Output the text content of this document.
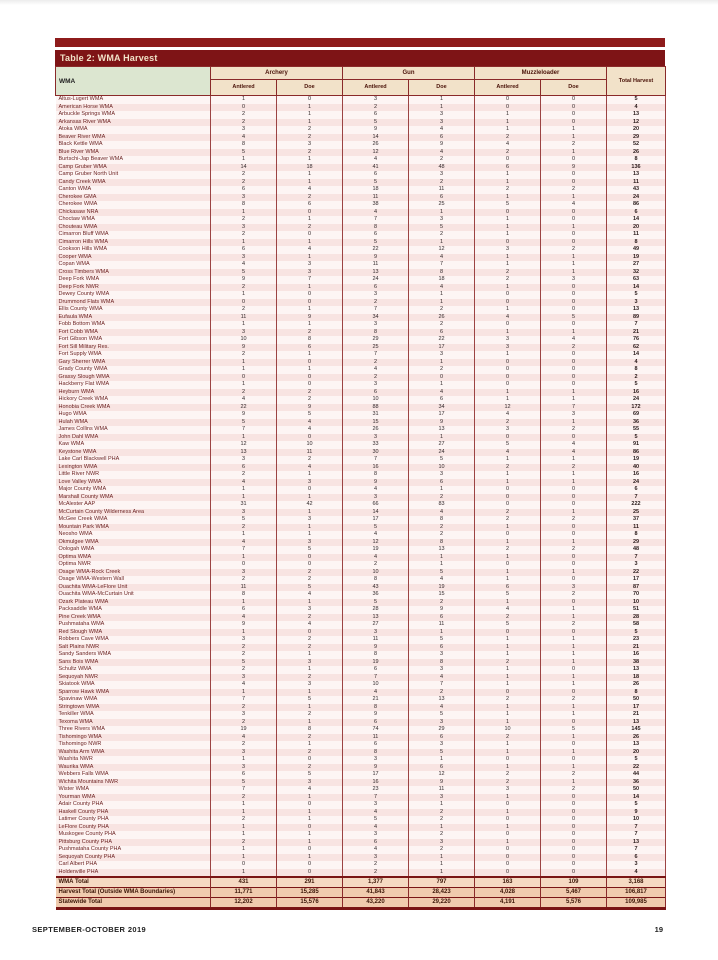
Table 2: WMA Harvest
WMA	Archery		Gun		Muzzleloader		Total Harvest
	Antlered	Doe	Antlered	Doe	Antlered	Doe	
Altus-Lugert WMA	1	0	3	1	0	0	5
American Horse WMA	0	1	2	1	0	0	4
Arbuckle Springs WMA	2	1	6	3	1	0	13
Arkansas River WMA	2	1	5	3	1	0	12
Atoka WMA	3	2	9	4	1	1	20
Beaver River WMA	4	2	14	6	2	1	29
Black Kettle WMA	8	3	26	9	4	2	52
Blue River WMA	5	2	12	4	2	1	26
Burtschi-Jap Beaver WMA	1	1	4	2	0	0	8
Camp Gruber WMA	14	18	41	48	6	9	136
Camp Gruber North Unit	2	1	6	3	1	0	13
Candy Creek WMA	2	1	5	2	1	0	11
Canton WMA	6	4	18	11	2	2	43
Cherokee GMA	3	2	11	6	1	1	24
Cherokee WMA	8	6	38	25	5	4	86
Chickasaw NRA	1	0	4	1	0	0	6
Choctaw WMA	2	1	7	3	1	0	14
Chouteau WMA	3	2	8	5	1	1	20
Cimarron Bluff WMA	2	0	6	2	1	0	11
Cimarron Hills WMA	1	1	5	1	0	0	8
Cookson Hills WMA	6	4	22	12	3	2	49
Cooper WMA	3	1	9	4	1	1	19
Copan WMA	4	3	11	7	1	1	27
Cross Timbers WMA	5	3	13	8	2	1	32
Deep Fork WMA	9	7	24	18	2	3	63
Deep Fork NWR	2	1	6	4	1	0	14
Dewey County WMA	1	0	3	1	0	0	5
Drummond Flats WMA	0	0	2	1	0	0	3
Ellis County WMA	2	1	7	2	1	0	13
Eufaula WMA	11	9	34	26	4	5	89
Fobb Bottom WMA	1	1	3	2	0	0	7
Fort Cobb WMA	3	2	8	6	1	1	21
Fort Gibson WMA	10	8	29	22	3	4	76
Fort Sill Military Res.	9	6	25	17	3	2	62
Fort Supply WMA	2	1	7	3	1	0	14
Gary Sherrer WMA	1	0	2	1	0	0	4
Grady County WMA	1	1	4	2	0	0	8
Grassy Slough WMA	0	0	2	0	0	0	2
Hackberry Flat WMA	1	0	3	1	0	0	5
Heyburn WMA	2	2	6	4	1	1	16
Hickory Creek WMA	4	2	10	6	1	1	24
Honobia Creek WMA	22	9	88	34	12	7	172
Hugo WMA	9	5	31	17	4	3	69
Hulah WMA	5	4	15	9	2	1	36
James Collins WMA	7	4	26	13	3	2	55
John Dahl WMA	1	0	3	1	0	0	5
Kaw WMA	12	10	33	27	5	4	91
Keystone WMA	13	11	30	24	4	4	86
Lake Carl Blackwell PHA	3	2	7	5	1	1	19
Lexington WMA	6	4	16	10	2	2	40
Little River NWR	2	1	8	3	1	1	16
Love Valley WMA	4	3	9	6	1	1	24
Major County WMA	1	0	4	1	0	0	6
Marshall County WMA	1	1	3	2	0	0	7
McAlester AAP	31	42	66	83	0	0	222
McCurtain County Wilderness Area	3	1	14	4	2	1	25
McGee Creek WMA	5	3	17	8	2	2	37
Mountain Park WMA	2	1	5	2	1	0	11
Neosho WMA	1	1	4	2	0	0	8
Okmulgee WMA	4	3	12	8	1	1	29
Oologah WMA	7	5	19	13	2	2	48
Optima WMA	1	0	4	1	1	0	7
Optima NWR	0	0	2	1	0	0	3
Osage WMA-Rock Creek	3	2	10	5	1	1	22
Osage WMA-Western Wall	2	2	8	4	1	0	17
Ouachita WMA-LeFlore Unit	11	5	43	19	6	3	87
Ouachita WMA-McCurtain Unit	8	4	36	15	5	2	70
Ozark Plateau WMA	1	1	5	2	1	0	10
Packsaddle WMA	6	3	28	9	4	1	51
Pine Creek WMA	4	2	13	6	2	1	28
Pushmataha WMA	9	4	27	11	5	2	58
Red Slough WMA	1	0	3	1	0	0	5
Robbers Cave WMA	3	2	11	5	1	1	23
Salt Plains NWR	2	2	9	6	1	1	21
Sandy Sanders WMA	2	1	8	3	1	1	16
Sans Bois WMA	5	3	19	8	2	1	38
Schultz WMA	2	1	6	3	1	0	13
Sequoyah NWR	3	2	7	4	1	1	18
Skiatook WMA	4	3	10	7	1	1	26
Sparrow Hawk WMA	1	1	4	2	0	0	8
Spavinaw WMA	7	5	21	13	2	2	50
Stringtown WMA	2	1	8	4	1	1	17
Tenkiller WMA	3	2	9	5	1	1	21
Texoma WMA	2	1	6	3	1	0	13
Three Rivers WMA	19	8	74	29	10	5	145
Tishomingo WMA	4	2	11	6	2	1	26
Tishomingo NWR	2	1	6	3	1	0	13
Washita Arm WMA	3	2	8	5	1	1	20
Washita NWR	1	0	3	1	0	0	5
Waurika WMA	3	2	9	6	1	1	22
Webbers Falls WMA	6	5	17	12	2	2	44
Wichita Mountains NWR	5	3	16	9	2	1	36
Wister WMA	7	4	23	11	3	2	50
Yourman WMA	2	1	7	3	1	0	14
Adair County PHA	1	0	3	1	0	0	5
Haskell County PHA	1	1	4	2	1	0	9
Latimer County PHA	2	1	5	2	0	0	10
LeFlore County PHA	1	0	4	1	1	0	7
Muskogee County PHA	1	1	3	2	0	0	7
Pittsburg County PHA	2	1	6	3	1	0	13
Pushmataha County PHA	1	0	4	2	0	0	7
Sequoyah County PHA	1	1	3	1	0	0	6
Carl Albert PHA	0	0	2	1	0	0	3
Holdenville PHA	1	0	2	1	0	0	4
WMA Total	431	291	1,377	797	163	109	3,168
Harvest Total (Outside WMA Boundaries)	11,771	15,285	41,843	28,423	4,028	5,467	106,817
Statewide Total	12,202	15,576	43,220	29,220	4,191	5,576	109,985
SEPTEMBER-OCTOBER 2019	19
